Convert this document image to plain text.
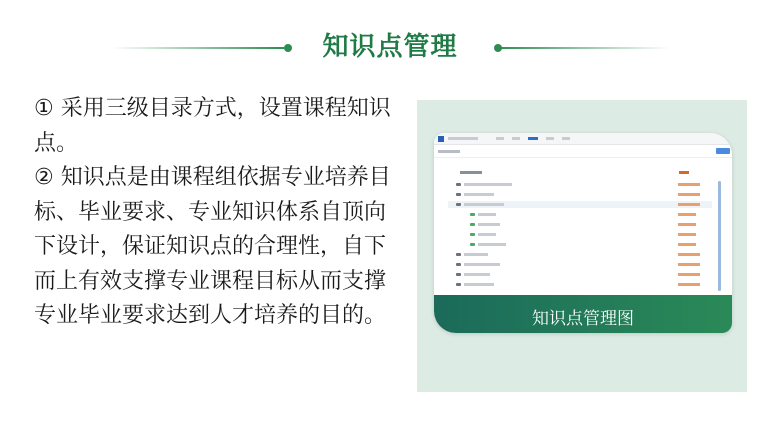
知识点管理
① 采用三级目录方式，设置课程知识点。
② 知识点是由课程组依据专业培养目标、毕业要求、专业知识体系自顶向下设计，保证知识点的合理性，自下而上有效支撑专业课程目标从而支撑专业毕业要求达到人才培养的目的。	知识点管理图
